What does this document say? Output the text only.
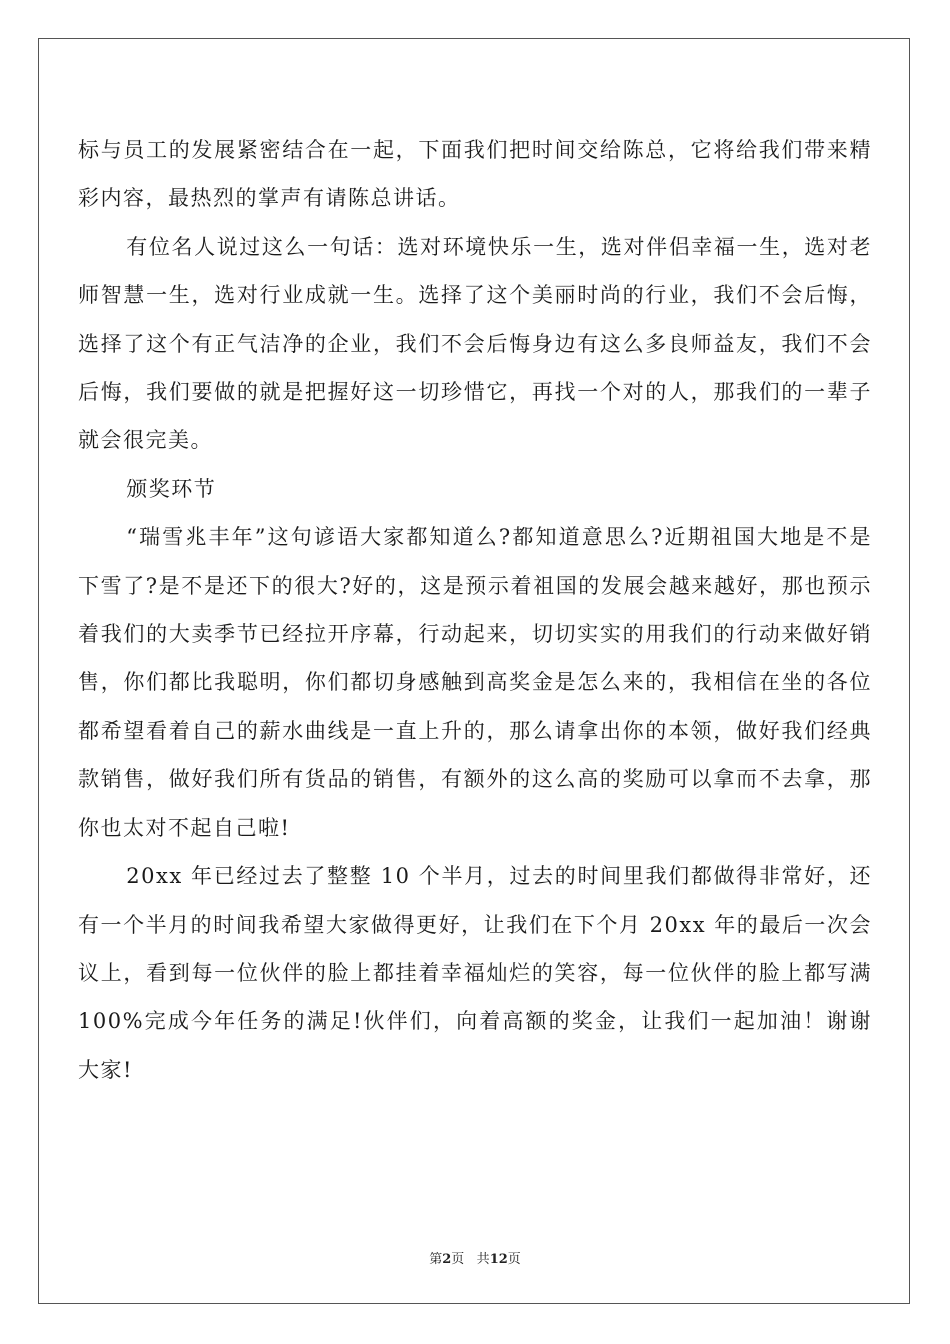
标与员工的发展紧密结合在一起，下面我们把时间交给陈总，它将给我们带来精彩内容，最热烈的掌声有请陈总讲话。

有位名人说过这么一句话：选对环境快乐一生，选对伴侣幸福一生，选对老师智慧一生，选对行业成就一生。选择了这个美丽时尚的行业，我们不会后悔，选择了这个有正气洁净的企业，我们不会后悔身边有这么多良师益友，我们不会后悔，我们要做的就是把握好这一切珍惜它，再找一个对的人，那我们的一辈子就会很完美。

颁奖环节

“瑞雪兆丰年”这句谚语大家都知道么?都知道意思么?近期祖国大地是不是下雪了?是不是还下的很大?好的，这是预示着祖国的发展会越来越好，那也预示着我们的大卖季节已经拉开序幕，行动起来，切切实实的用我们的行动来做好销售，你们都比我聪明，你们都切身感触到高奖金是怎么来的，我相信在坐的各位都希望看着自己的薪水曲线是一直上升的，那么请拿出你的本领，做好我们经典款销售，做好我们所有货品的销售，有额外的这么高的奖励可以拿而不去拿，那你也太对不起自己啦!

20xx 年已经过去了整整 10 个半月，过去的时间里我们都做得非常好，还有一个半月的时间我希望大家做得更好，让我们在下个月 20xx 年的最后一次会议上，看到每一位伙伴的脸上都挂着幸福灿烂的笑容，每一位伙伴的脸上都写满 100%完成今年任务的满足!伙伴们，向着高额的奖金，让我们一起加油！谢谢大家!

第2页 共12页
